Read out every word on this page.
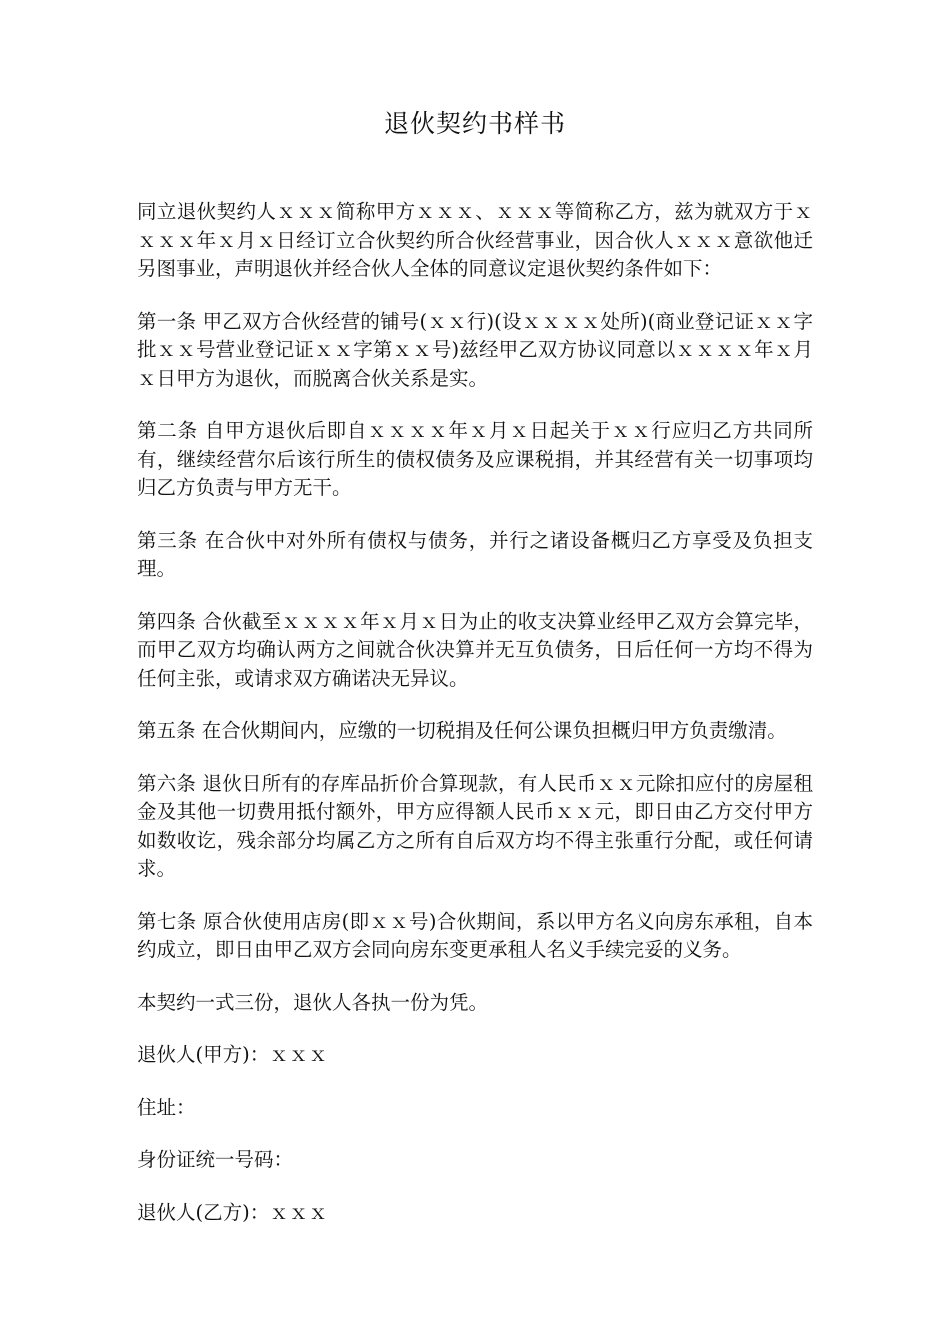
退伙契约书样书

同立退伙契约人ｘｘｘ简称甲方ｘｘｘ、ｘｘｘ等简称乙方，兹为就双方于ｘｘｘｘ年ｘ月ｘ日经订立合伙契约所合伙经营事业，因合伙人ｘｘｘ意欲他迁另图事业，声明退伙并经合伙人全体的同意议定退伙契约条件如下：

第一条 甲乙双方合伙经营的铺号(ｘｘ行)(设ｘｘｘｘ处所)(商业登记证ｘｘ字批ｘｘ号营业登记证ｘｘ字第ｘｘ号)兹经甲乙双方协议同意以ｘｘｘｘ年ｘ月ｘ日甲方为退伙，而脱离合伙关系是实。

第二条 自甲方退伙后即自ｘｘｘｘ年ｘ月ｘ日起关于ｘｘ行应归乙方共同所有，继续经营尔后该行所生的债权债务及应课税捐，并其经营有关一切事项均归乙方负责与甲方无干。

第三条 在合伙中对外所有债权与债务，并行之诸设备概归乙方享受及负担支理。

第四条 合伙截至ｘｘｘｘ年ｘ月ｘ日为止的收支决算业经甲乙双方会算完毕，而甲乙双方均确认两方之间就合伙决算并无互负债务，日后任何一方均不得为任何主张，或请求双方确诺决无异议。

第五条 在合伙期间内，应缴的一切税捐及任何公课负担概归甲方负责缴清。

第六条 退伙日所有的存库品折价合算现款，有人民币ｘｘ元除扣应付的房屋租金及其他一切费用抵付额外，甲方应得额人民币ｘｘ元，即日由乙方交付甲方如数收讫，残余部分均属乙方之所有自后双方均不得主张重行分配，或任何请求。

第七条 原合伙使用店房(即ｘｘ号)合伙期间，系以甲方名义向房东承租，自本约成立，即日由甲乙双方会同向房东变更承租人名义手续完妥的义务。

本契约一式三份，退伙人各执一份为凭。

退伙人(甲方)：ｘｘｘ

住址：

身份证统一号码：

退伙人(乙方)：ｘｘｘ
